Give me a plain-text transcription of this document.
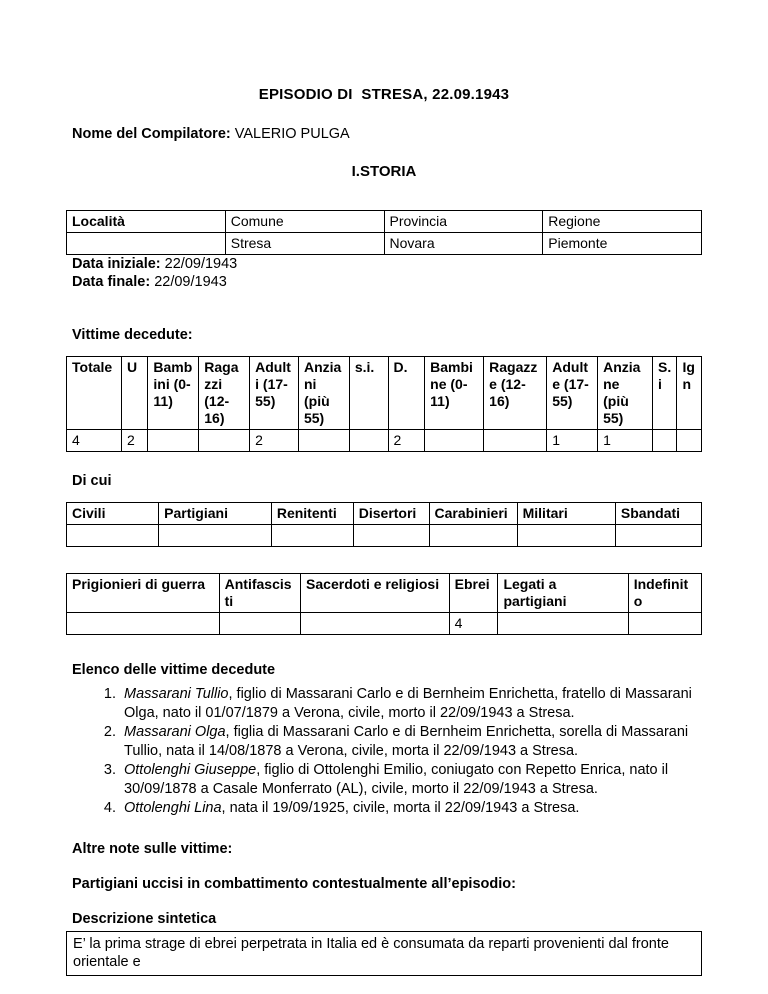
EPISODIO DI  STRESA, 22.09.1943

Nome del Compilatore: VALERIO PULGA

I.STORIA
Località	Comune	Provincia	Regione
	Stresa	Novara	Piemonte
Data iniziale: 22/09/1943
Data finale: 22/09/1943

Vittime decedute:

Totale	U	Bambini (0-11)	Ragazzi (12-16)	Adulti (17-55)	Anziani (più 55)	s.i.	D.	Bambine (0-11)	Ragazze (12-16)	Adulte (17-55)	Anziane (più 55)	S.i	Ign
4	2			2			2			1	1		

Di cui

Civili	Partigiani	Renitenti	Disertori	Carabinieri	Militari	Sbandati

Prigionieri di guerra	Antifascisti	Sacerdoti e religiosi	Ebrei	Legati a partigiani	Indefinito
			4		

Elenco delle vittime decedute

1. Massarani Tullio, figlio di Massarani Carlo e di Bernheim Enrichetta, fratello di Massarani Olga, nato il 01/07/1879 a Verona, civile, morto il 22/09/1943 a Stresa.
2. Massarani Olga, figlia di Massarani Carlo e di Bernheim Enrichetta, sorella di Massarani Tullio, nata il 14/08/1878 a Verona, civile, morta il 22/09/1943 a Stresa.
3. Ottolenghi Giuseppe, figlio di Ottolenghi Emilio, coniugato con Repetto Enrica, nato il 30/09/1878 a Casale Monferrato (AL), civile, morto il 22/09/1943 a Stresa.
4. Ottolenghi Lina, nata il 19/09/1925, civile, morta il 22/09/1943 a Stresa.

Altre note sulle vittime:

Partigiani uccisi in combattimento contestualmente all’episodio:

Descrizione sintetica

E’ la prima strage di ebrei perpetrata in Italia ed è consumata da reparti provenienti dal fronte orientale e
